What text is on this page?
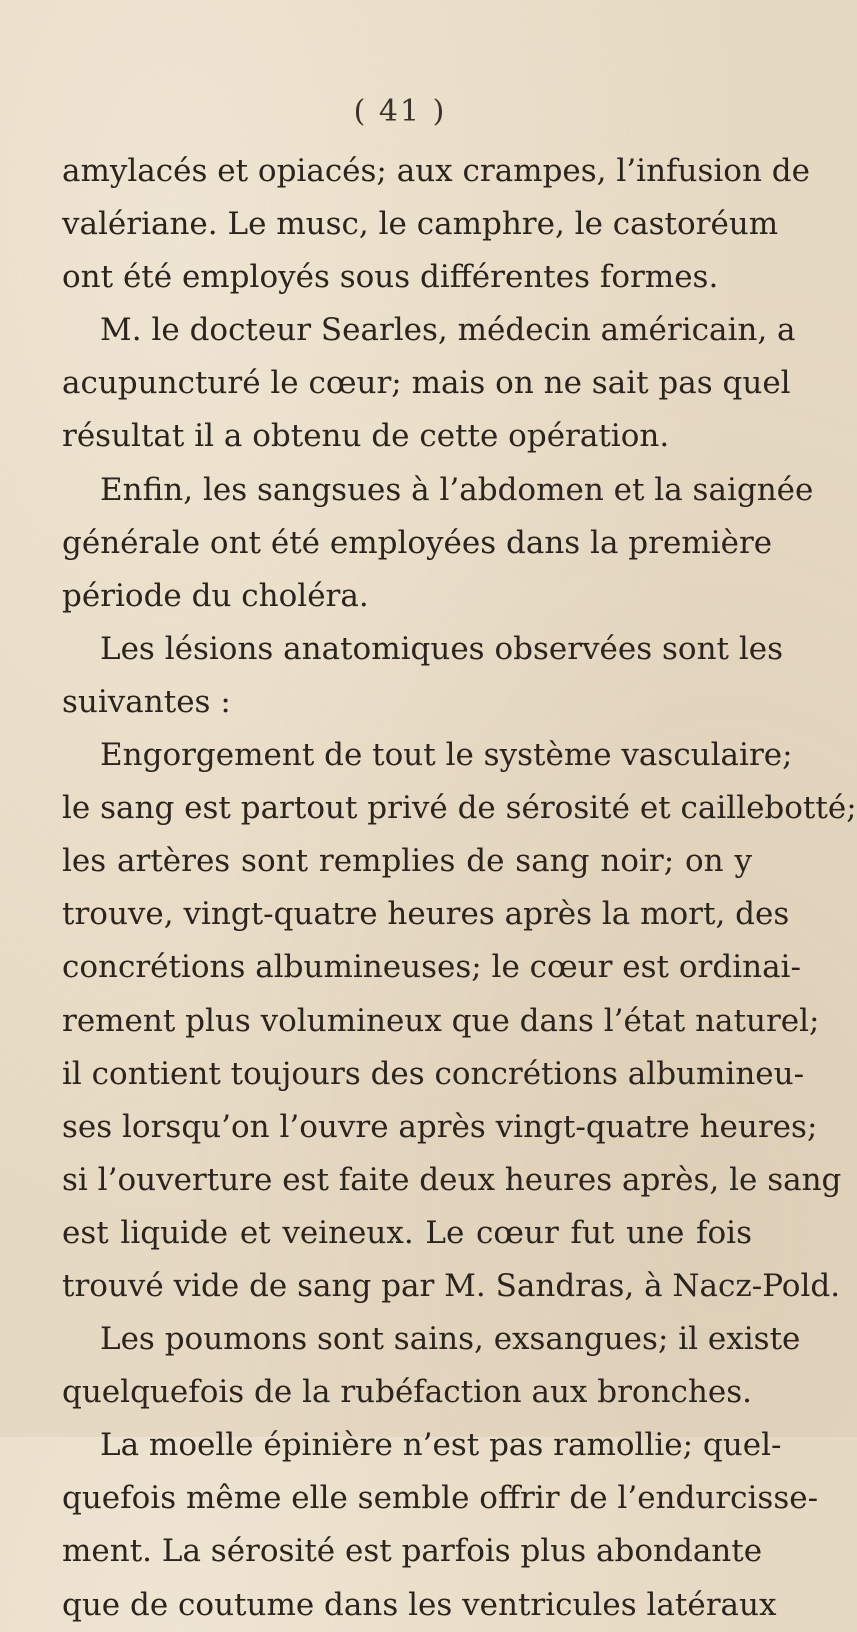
( 41 )
amylacés et opiacés; aux crampes, l’infusion de
valériane. Le musc, le camphre, le castoréum
ont été employés sous différentes formes.
M. le docteur Searles, médecin américain, a
acupuncturé le cœur; mais on ne sait pas quel
résultat il a obtenu de cette opération.
Enfin, les sangsues à l’abdomen et la saignée
générale ont été employées dans la première
période du choléra.
Les lésions anatomiques observées sont les
suivantes :
Engorgement de tout le système vasculaire;
le sang est partout privé de sérosité et caillebotté;
les artères sont remplies de sang noir; on y
trouve, vingt-quatre heures après la mort, des
concrétions albumineuses; le cœur est ordinai-
rement plus volumineux que dans l’état naturel;
il contient toujours des concrétions albumineu-
ses lorsqu’on l’ouvre après vingt-quatre heures;
si l’ouverture est faite deux heures après, le sang
est liquide et veineux. Le cœur fut une fois
trouvé vide de sang par M. Sandras, à Nacz-Pold.
Les poumons sont sains, exsangues; il existe
quelquefois de la rubéfaction aux bronches.
La moelle épinière n’est pas ramollie; quel-
quefois même elle semble offrir de l’endurcisse-
ment. La sérosité est parfois plus abondante
que de coutume dans les ventricules latéraux
